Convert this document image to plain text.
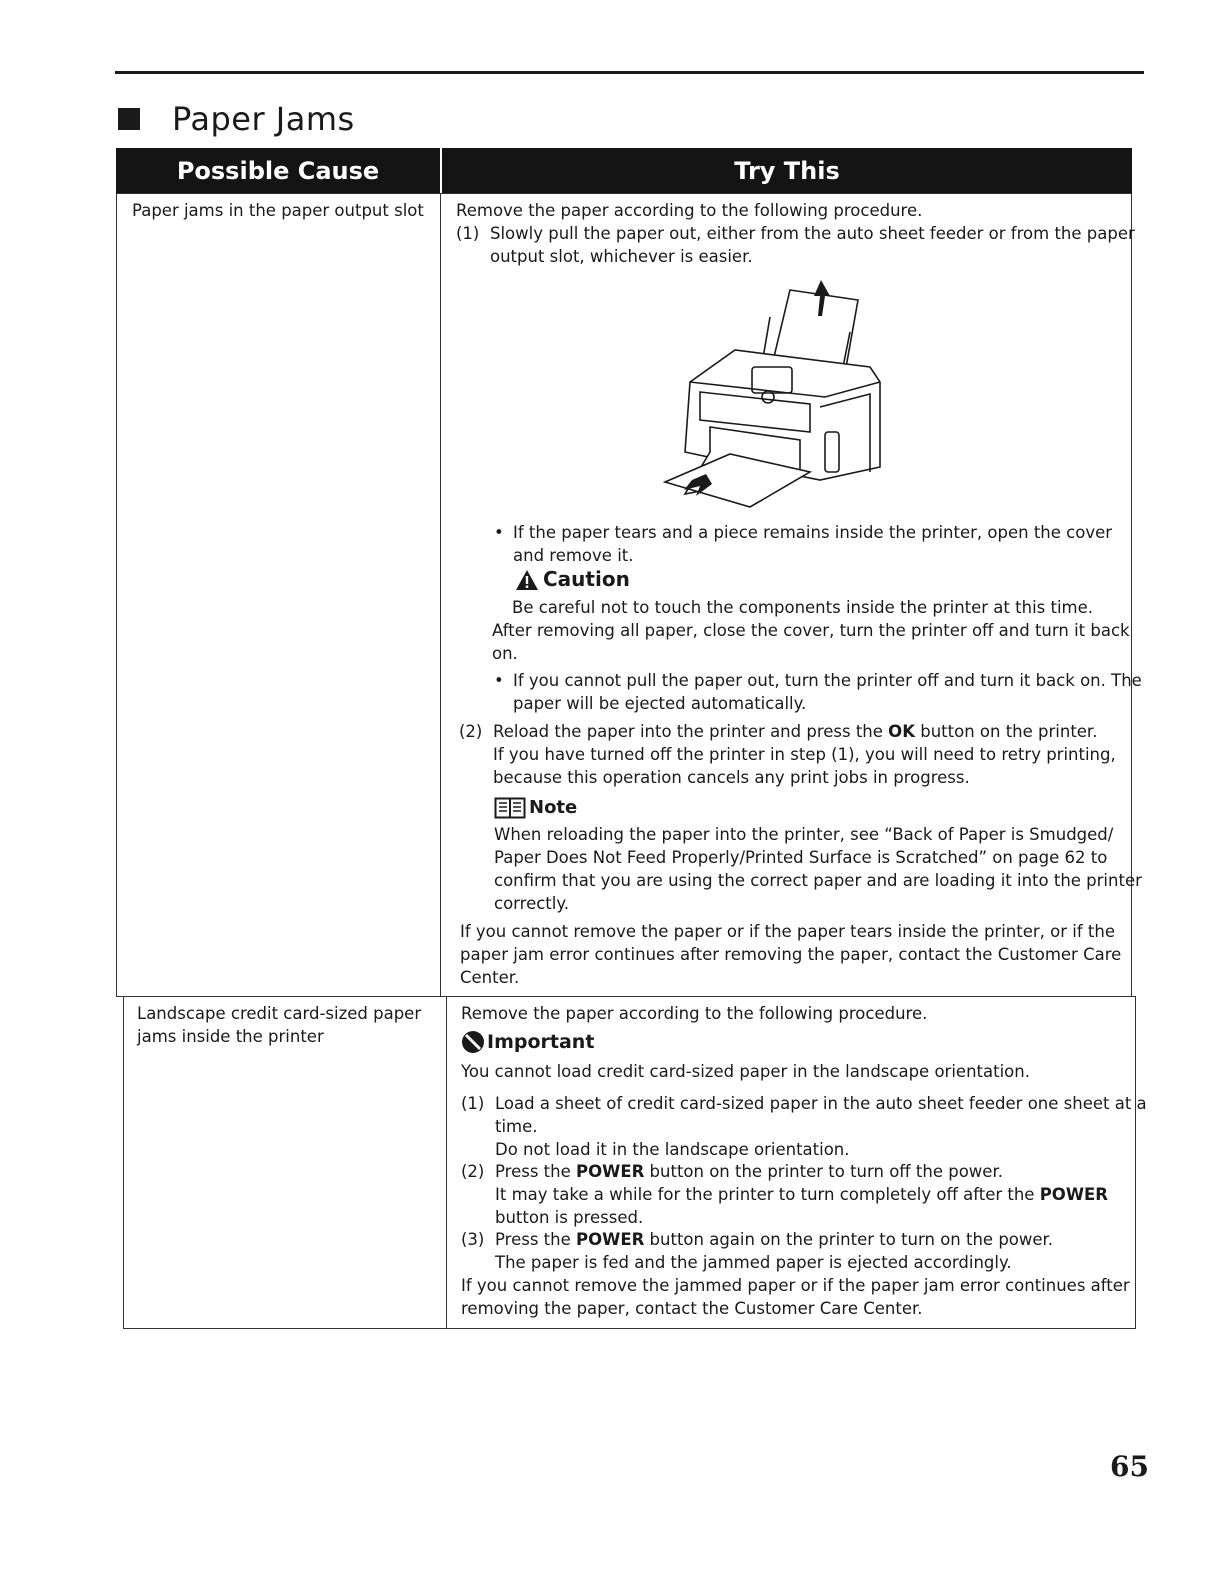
Paper Jams
Possible Cause	Try This
Paper jams in the paper output slot Remove the paper according to the following procedure.
(1) Slowly pull the paper out, either from the auto sheet feeder or from the paper
output slot, whichever is easier.
• If the paper tears and a piece remains inside the printer, open the cover
and remove it.
Caution
Be careful not to touch the components inside the printer at this time.
After removing all paper, close the cover, turn the printer off and turn it back
on.
• If you cannot pull the paper out, turn the printer off and turn it back on. The
paper will be ejected automatically.
(2) Reload the paper into the printer and press the OK button on the printer.
If you have turned off the printer in step (1), you will need to retry printing,
because this operation cancels any print jobs in progress.
Note
When reloading the paper into the printer, see “Back of Paper is Smudged/
Paper Does Not Feed Properly/Printed Surface is Scratched” on page 62 to
confirm that you are using the correct paper and are loading it into the printer
correctly.
If you cannot remove the paper or if the paper tears inside the printer, or if the
paper jam error continues after removing the paper, contact the Customer Care
Center.
Landscape credit card-sized paper
jams inside the printer
Remove the paper according to the following procedure.
Important
You cannot load credit card-sized paper in the landscape orientation.
(1) Load a sheet of credit card-sized paper in the auto sheet feeder one sheet at a
time.
Do not load it in the landscape orientation.
(2) Press the POWER button on the printer to turn off the power.
It may take a while for the printer to turn completely off after the POWER
button is pressed.
(3) Press the POWER button again on the printer to turn on the power.
The paper is fed and the jammed paper is ejected accordingly.
If you cannot remove the jammed paper or if the paper jam error continues after
removing the paper, contact the Customer Care Center.
65
